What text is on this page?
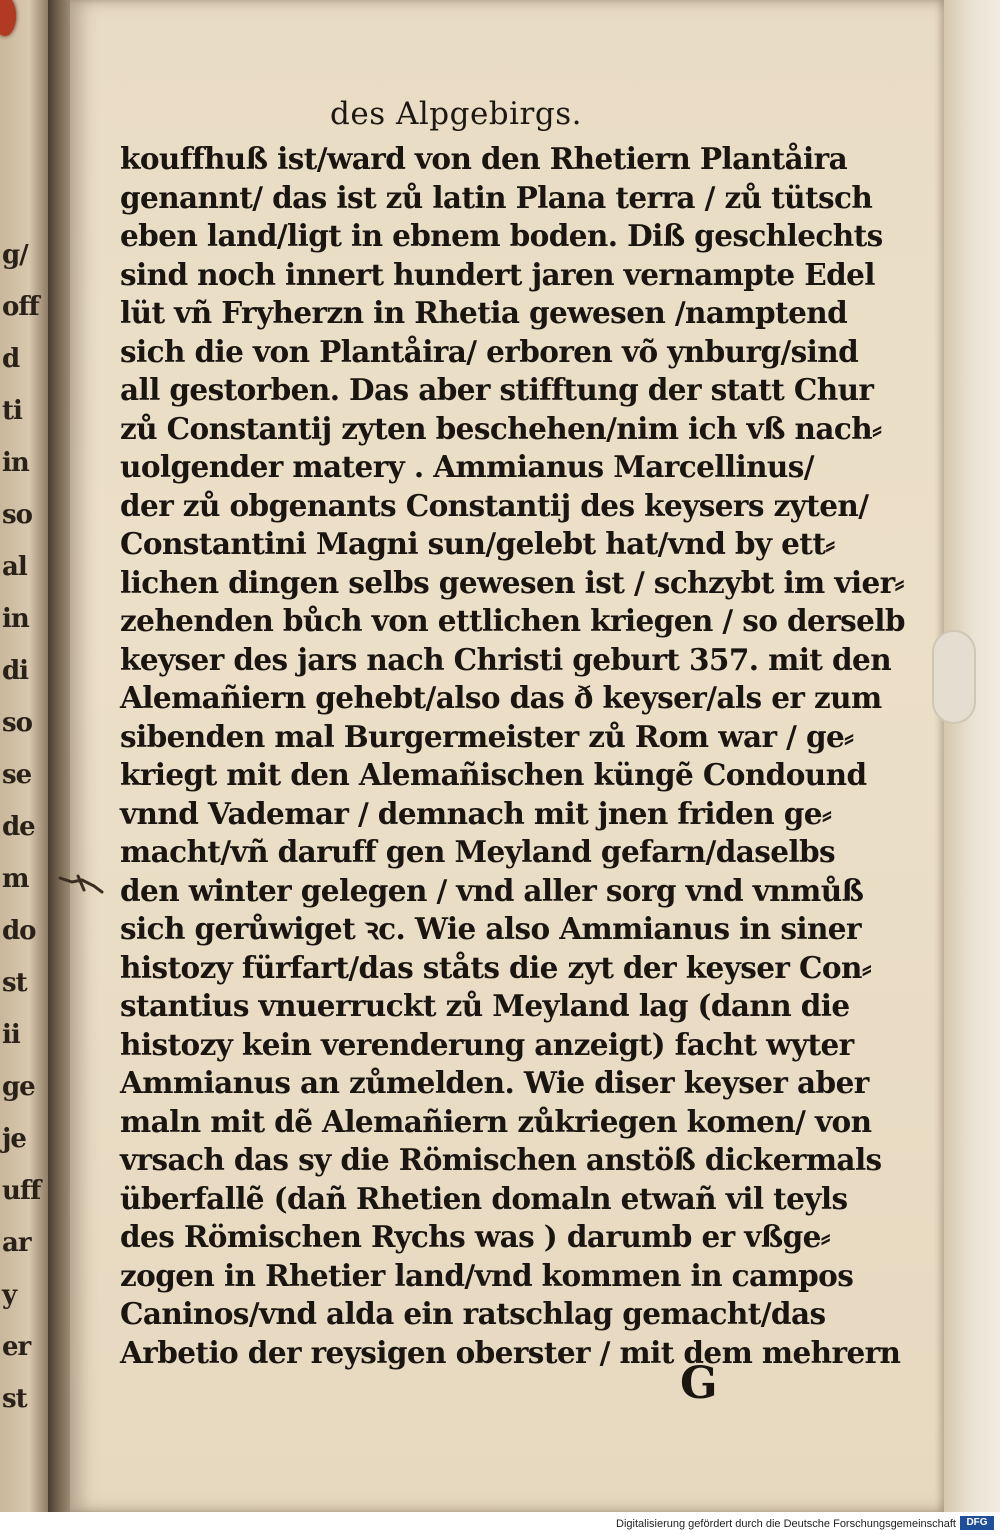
g/
off
d
ti
in
so
al
in
di
so
se
de
m
do
st
ii
ge
je
uff
ar
y
er
st
des Alpgebirgs.
kouffhuß ist/ward von den Rhetiern Plantåira
genannt/ das ist zů latin Plana terra / zů tütsch
eben land/ligt in ebnem boden. Diß geschlechts
sind noch innert hundert jaren vernampte Edel
lüt vñ Fryherzn in Rhetia gewesen /namptend
sich die von Plantåira/ erboren võ ynburg/sind
all gestorben. Das aber stifftung der statt Chur
zů Constantij zyten beschehen/nim ich vß nach⸗
uolgender matery . Ammianus Marcellinus/
der zů obgenants Constantij des keysers zyten/
Constantini Magni sun/gelebt hat/vnd by ett⸗
lichen dingen selbs gewesen ist / schzybt im vier⸗
zehenden bůch von ettlichen kriegen / so derselb
keyser des jars nach Christi geburt 357. mit den
Alemañiern gehebt/also das ð keyser/als er zum
sibenden mal Burgermeister zů Rom war / ge⸗
kriegt mit den Alemañischen küngẽ Condound
vnnd Vademar / demnach mit jnen friden ge⸗
macht/vñ daruff gen Meyland gefarn/daselbs
den winter gelegen / vnd aller sorg vnd vnmůß
sich gerůwiget ꝛc. Wie also Ammianus in siner
histozy fürfart/das ståts die zyt der keyser Con⸗
stantius vnuerruckt zů Meyland lag (dann die
histozy kein verenderung anzeigt) facht wyter
Ammianus an zůmelden. Wie diser keyser aber
maln mit dẽ Alemañiern zůkriegen komen/ von
vrsach das sy die Römischen anstöß dickermals
überfallẽ (dañ Rhetien domaln etwañ vil teyls
des Römischen Rychs was ) darumb er vßge⸗
zogen in Rhetier land/vnd kommen in campos
Caninos/vnd alda ein ratschlag gemacht/das
Arbetio der reysigen oberster / mit dem mehrern
G
Digitalisierung gefördert durch die Deutsche Forschungsgemeinschaft	DFG
